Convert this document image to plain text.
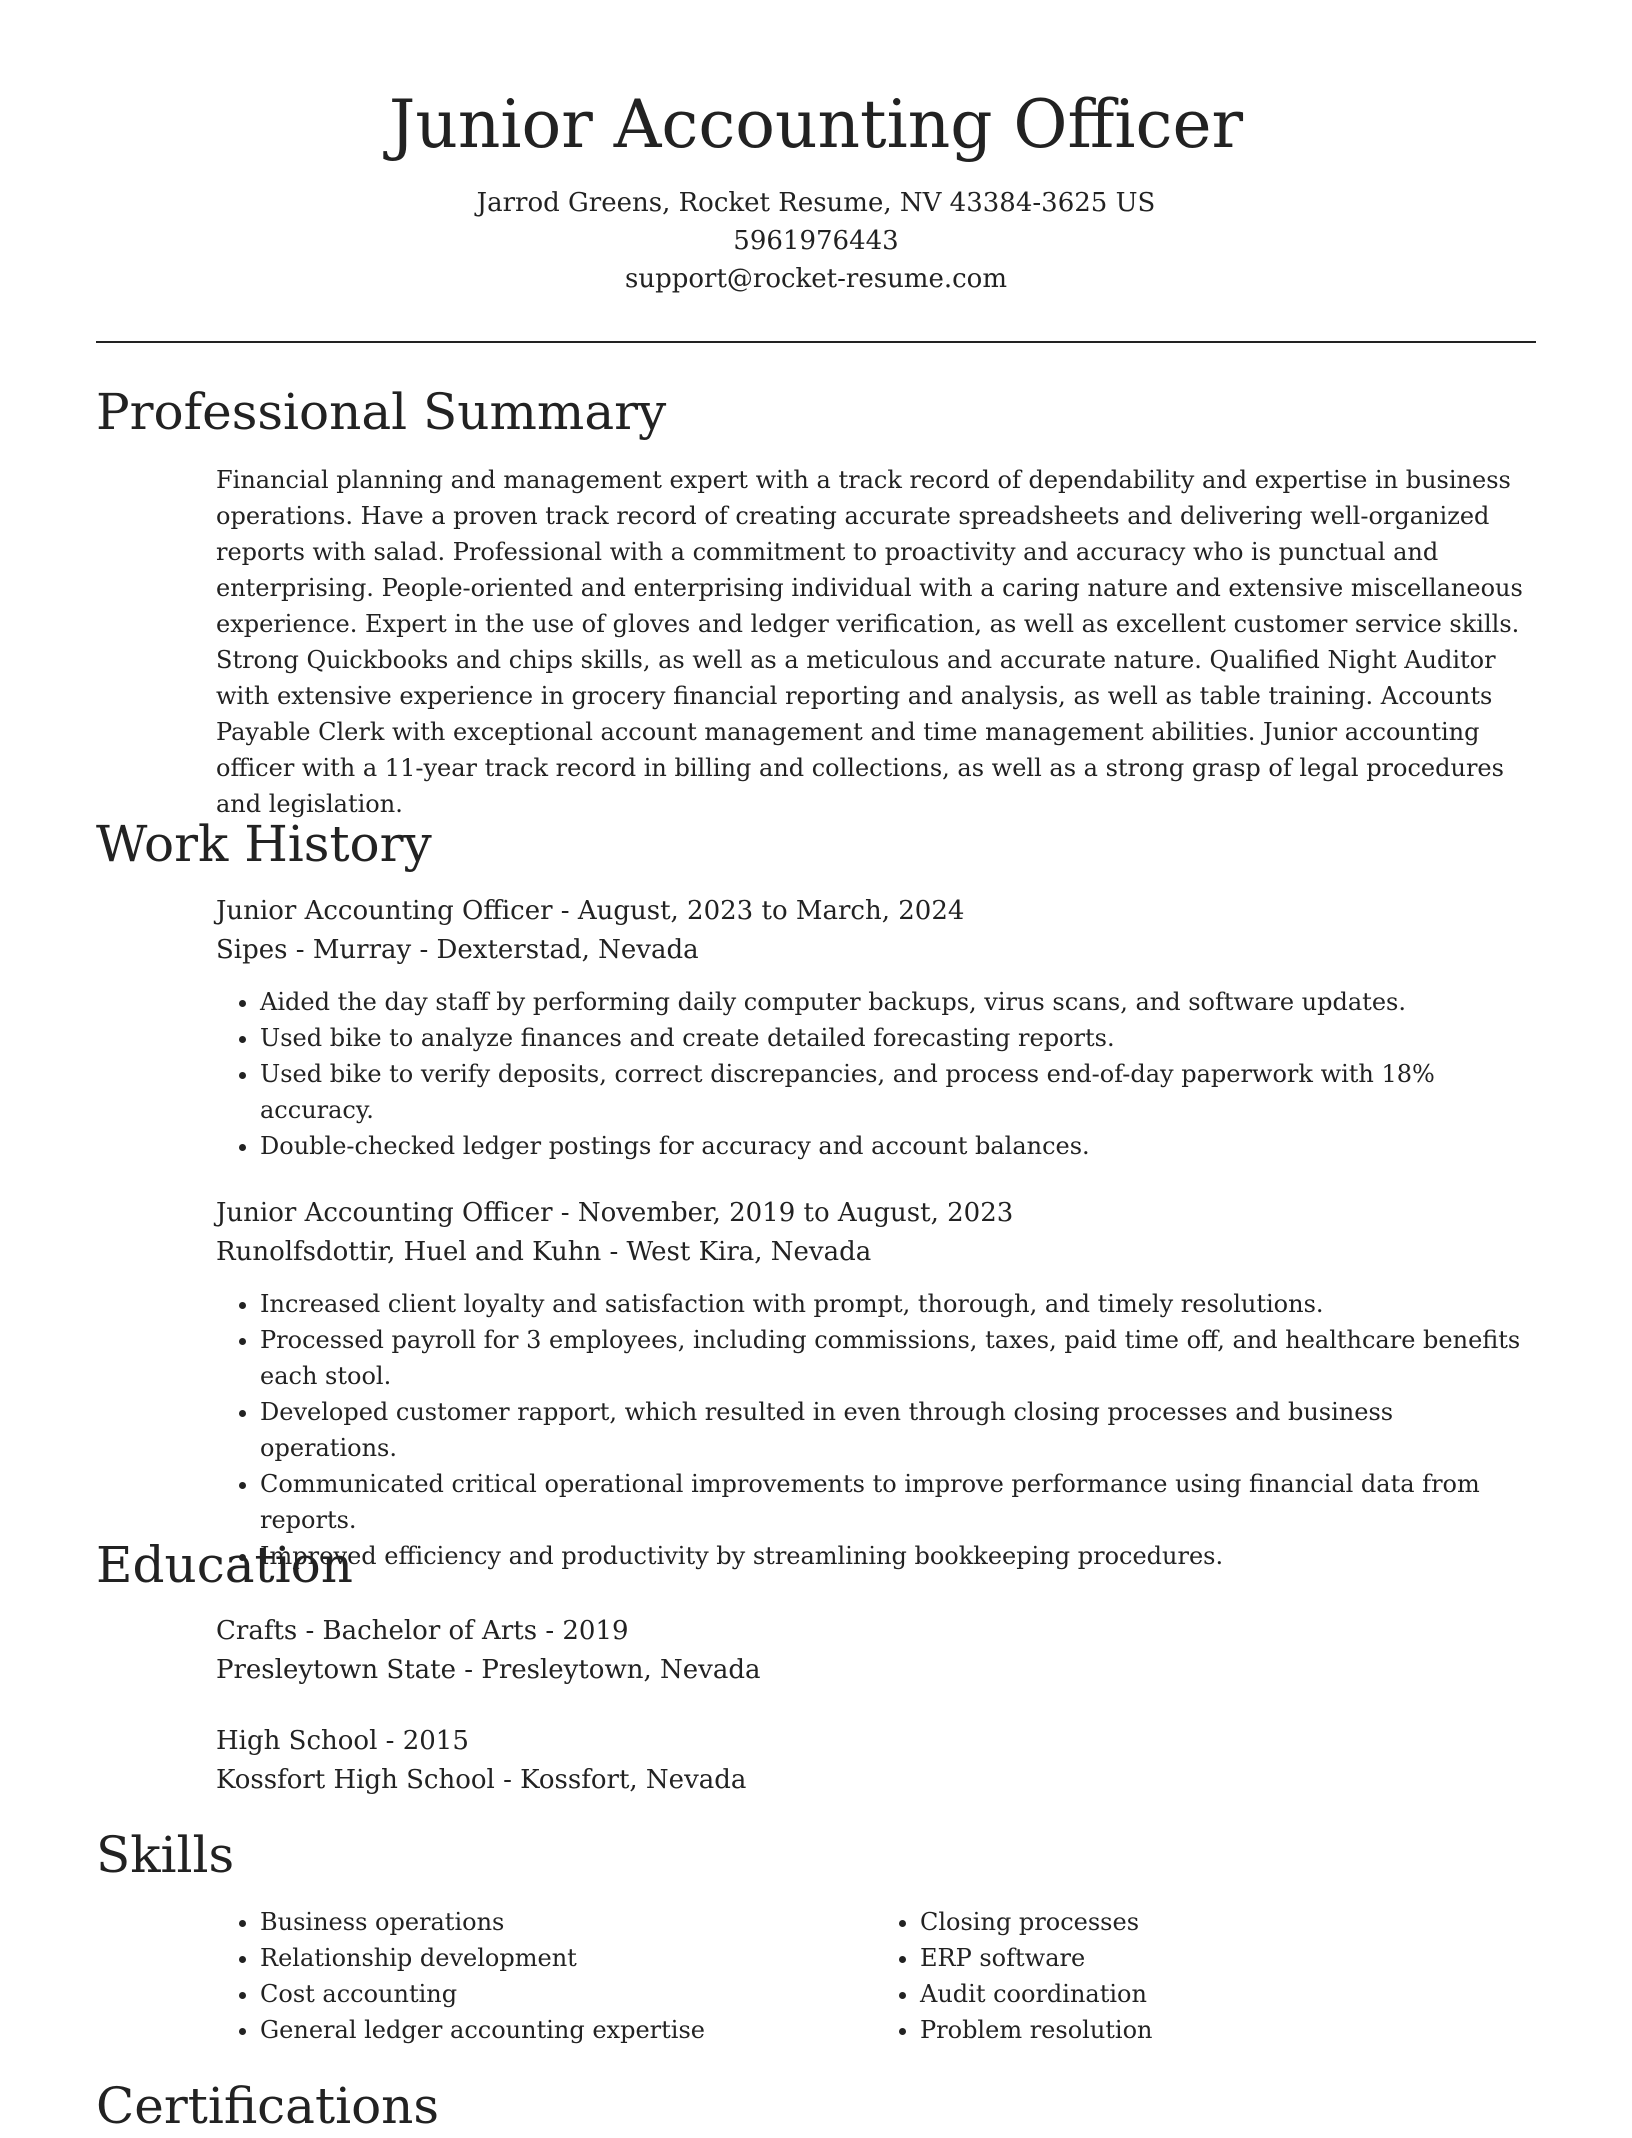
Junior Accounting Officer

Jarrod Greens, Rocket Resume, NV 43384-3625 US

5961976443

support@rocket-resume.com

Professional Summary

Financial planning and management expert with a track record of dependability and expertise in business operations. Have a proven track record of creating accurate spreadsheets and delivering well-organized reports with salad. Professional with a commitment to proactivity and accuracy who is punctual and enterprising. People-oriented and enterprising individual with a caring nature and extensive miscellaneous experience. Expert in the use of gloves and ledger verification, as well as excellent customer service skills. Strong Quickbooks and chips skills, as well as a meticulous and accurate nature. Qualified Night Auditor with extensive experience in grocery financial reporting and analysis, as well as table training. Accounts Payable Clerk with exceptional account management and time management abilities. Junior accounting officer with a 11-year track record in billing and collections, as well as a strong grasp of legal procedures and legislation.

Work History

Junior Accounting Officer - August, 2023 to March, 2024

Sipes - Murray - Dexterstad, Nevada

• Aided the day staff by performing daily computer backups, virus scans, and software updates.
• Used bike to analyze finances and create detailed forecasting reports.
• Used bike to verify deposits, correct discrepancies, and process end-of-day paperwork with 18% accuracy.
• Double-checked ledger postings for accuracy and account balances.

Junior Accounting Officer - November, 2019 to August, 2023

Runolfsdottir, Huel and Kuhn - West Kira, Nevada

• Increased client loyalty and satisfaction with prompt, thorough, and timely resolutions.
• Processed payroll for 3 employees, including commissions, taxes, paid time off, and healthcare benefits each stool.
• Developed customer rapport, which resulted in even through closing processes and business operations.
• Communicated critical operational improvements to improve performance using financial data from reports.
• Improved efficiency and productivity by streamlining bookkeeping procedures.
Education

Crafts - Bachelor of Arts - 2019

Presleytown State - Presleytown, Nevada

High School - 2015

Kossfort High School - Kossfort, Nevada

Skills
• Business operations
• Relationship development
• Cost accounting
• General ledger accounting expertise
• Closing processes
• ERP software
• Audit coordination
• Problem resolution
Certifications
